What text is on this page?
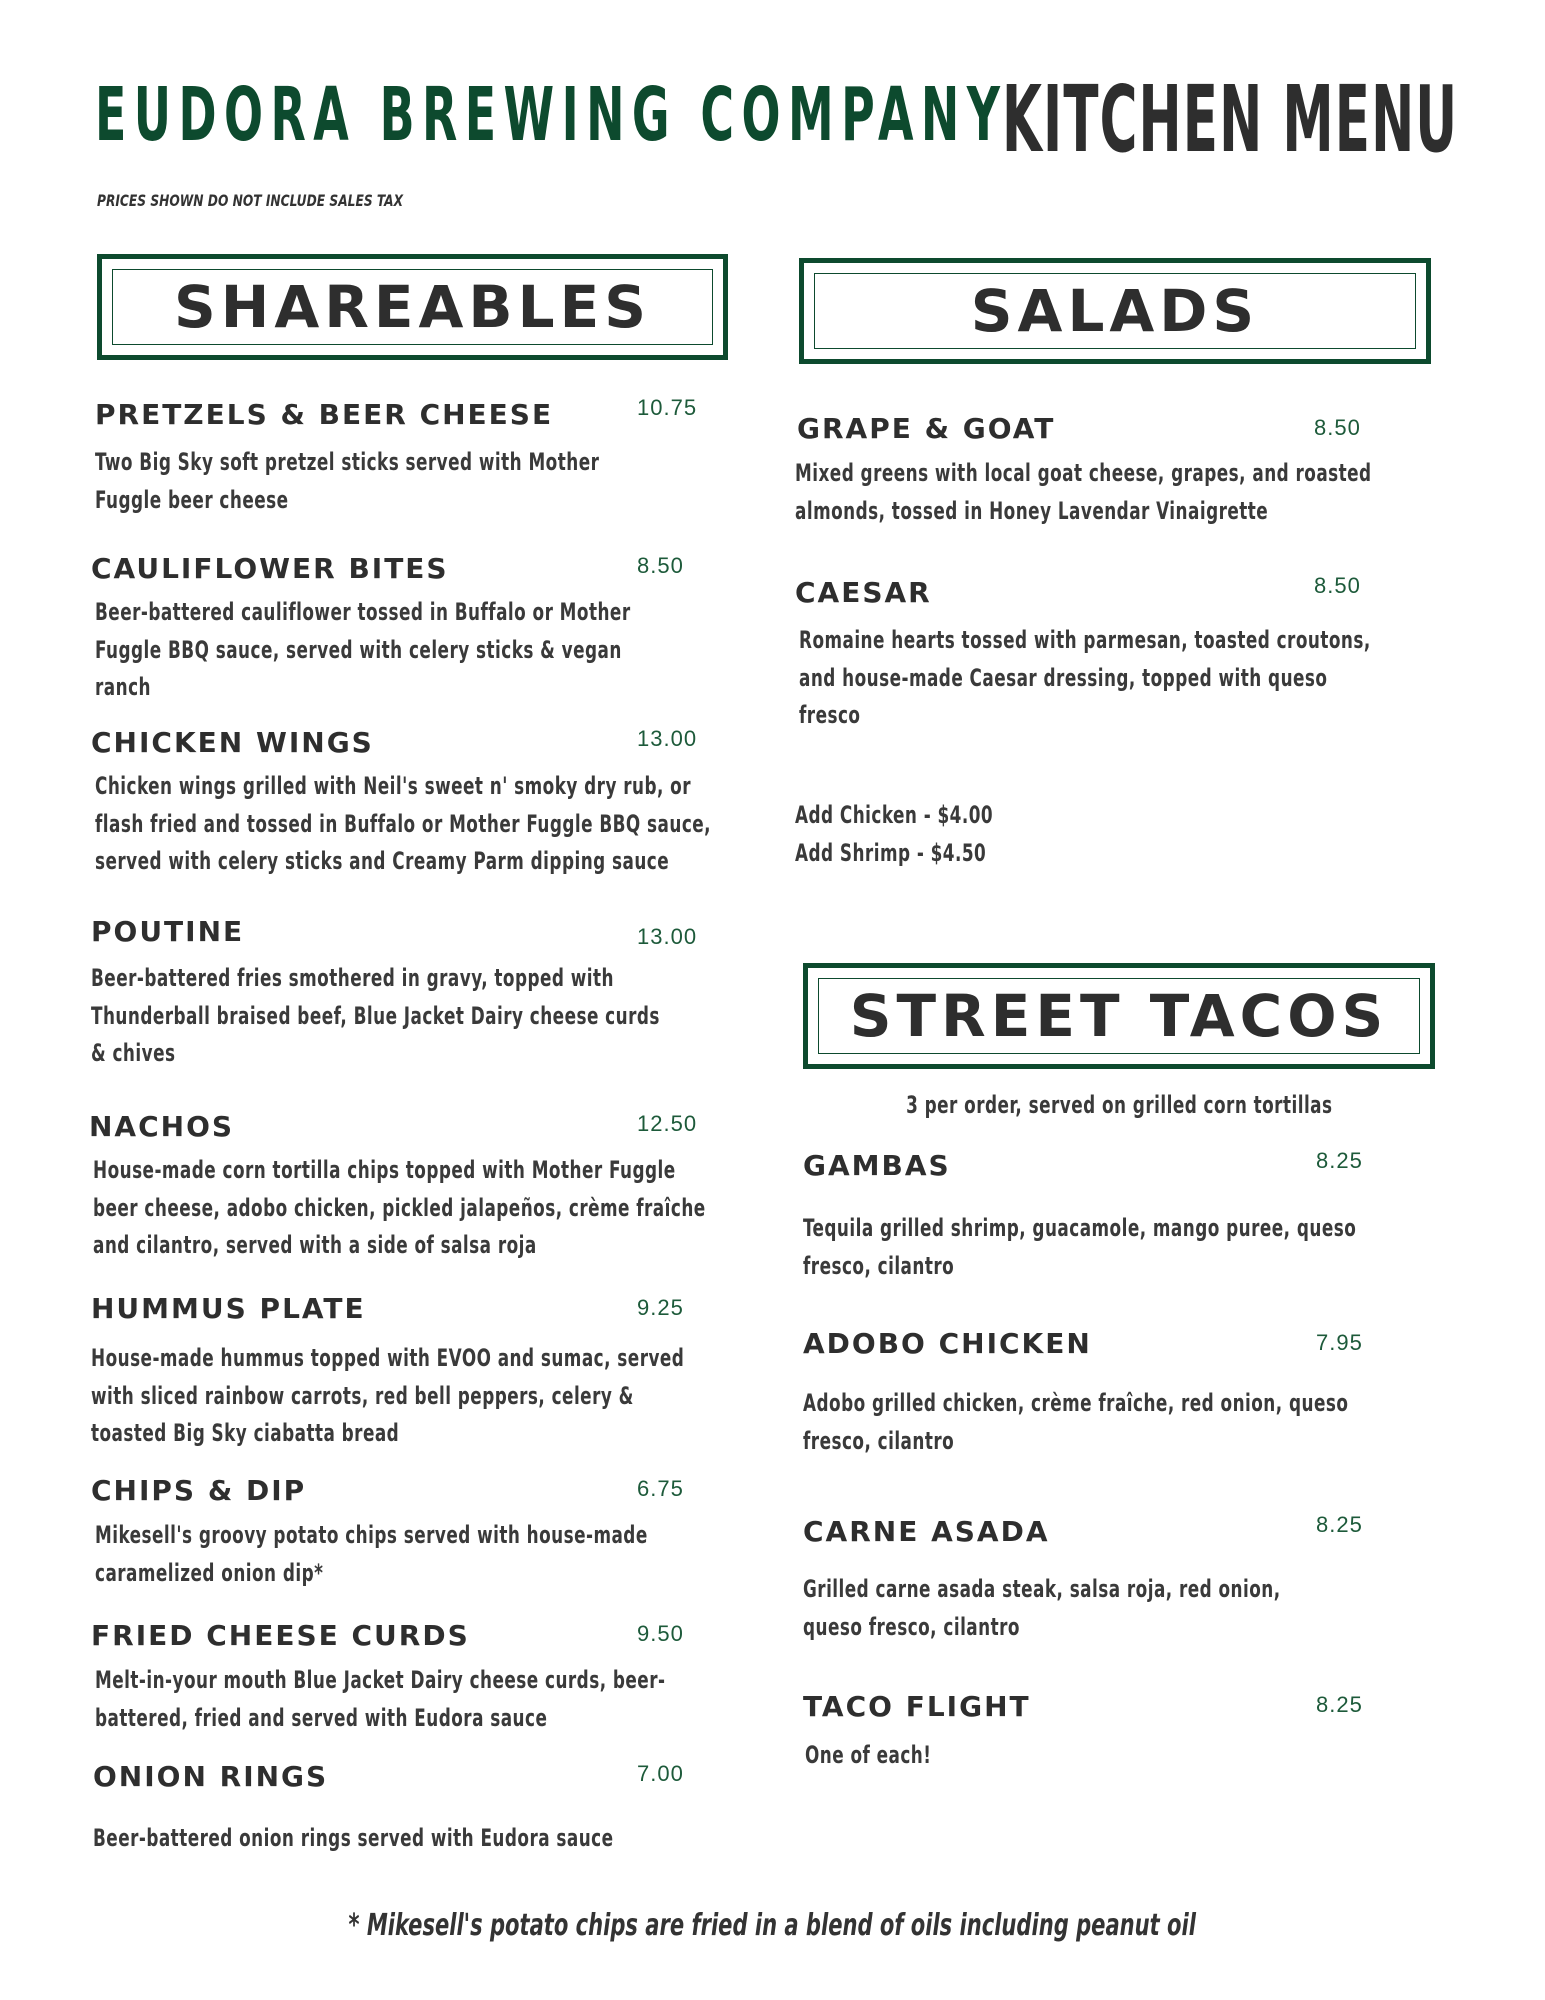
EUDORA BREWING COMPANY
KITCHEN MENU
PRICES SHOWN DO NOT INCLUDE SALES TAX
SHAREABLES
PRETZELS & BEER CHEESE	10.75
Two Big Sky soft pretzel sticks served with Mother
Fuggle beer cheese
CAULIFLOWER BITES	8.50
Beer-battered cauliflower tossed in Buffalo or Mother
Fuggle BBQ sauce, served with celery sticks & vegan
ranch
CHICKEN WINGS	13.00
Chicken wings grilled with Neil's sweet n' smoky dry rub, or
flash fried and tossed in Buffalo or Mother Fuggle BBQ sauce,
served with celery sticks and Creamy Parm dipping sauce
POUTINE	13.00
Beer-battered fries smothered in gravy, topped with
Thunderball braised beef, Blue Jacket Dairy cheese curds
& chives
NACHOS	12.50
House-made corn tortilla chips topped with Mother Fuggle
beer cheese, adobo chicken, pickled jalapeños, crème fraîche
and cilantro, served with a side of salsa roja
HUMMUS PLATE	9.25
House-made hummus topped with EVOO and sumac, served
with sliced rainbow carrots, red bell peppers, celery &
toasted Big Sky ciabatta bread
CHIPS & DIP	6.75
Mikesell's groovy potato chips served with house-made
caramelized onion dip*
FRIED CHEESE CURDS	9.50
Melt-in-your mouth Blue Jacket Dairy cheese curds, beer-
battered, fried and served with Eudora sauce
ONION RINGS	7.00
Beer-battered onion rings served with Eudora sauce
SALADS
GRAPE & GOAT	8.50
Mixed greens with local goat cheese, grapes, and roasted
almonds, tossed in Honey Lavendar Vinaigrette
CAESAR	8.50
Romaine hearts tossed with parmesan, toasted croutons,
and house-made Caesar dressing, topped with queso
fresco
Add Chicken - $4.00
Add Shrimp - $4.50
STREET TACOS
3 per order, served on grilled corn tortillas
GAMBAS	8.25
Tequila grilled shrimp, guacamole, mango puree, queso
fresco, cilantro
ADOBO CHICKEN	7.95
Adobo grilled chicken, crème fraîche, red onion, queso
fresco, cilantro
CARNE ASADA	8.25
Grilled carne asada steak, salsa roja, red onion,
queso fresco, cilantro
TACO FLIGHT	8.25
One of each!
* Mikesell's potato chips are fried in a blend of oils including peanut oil
